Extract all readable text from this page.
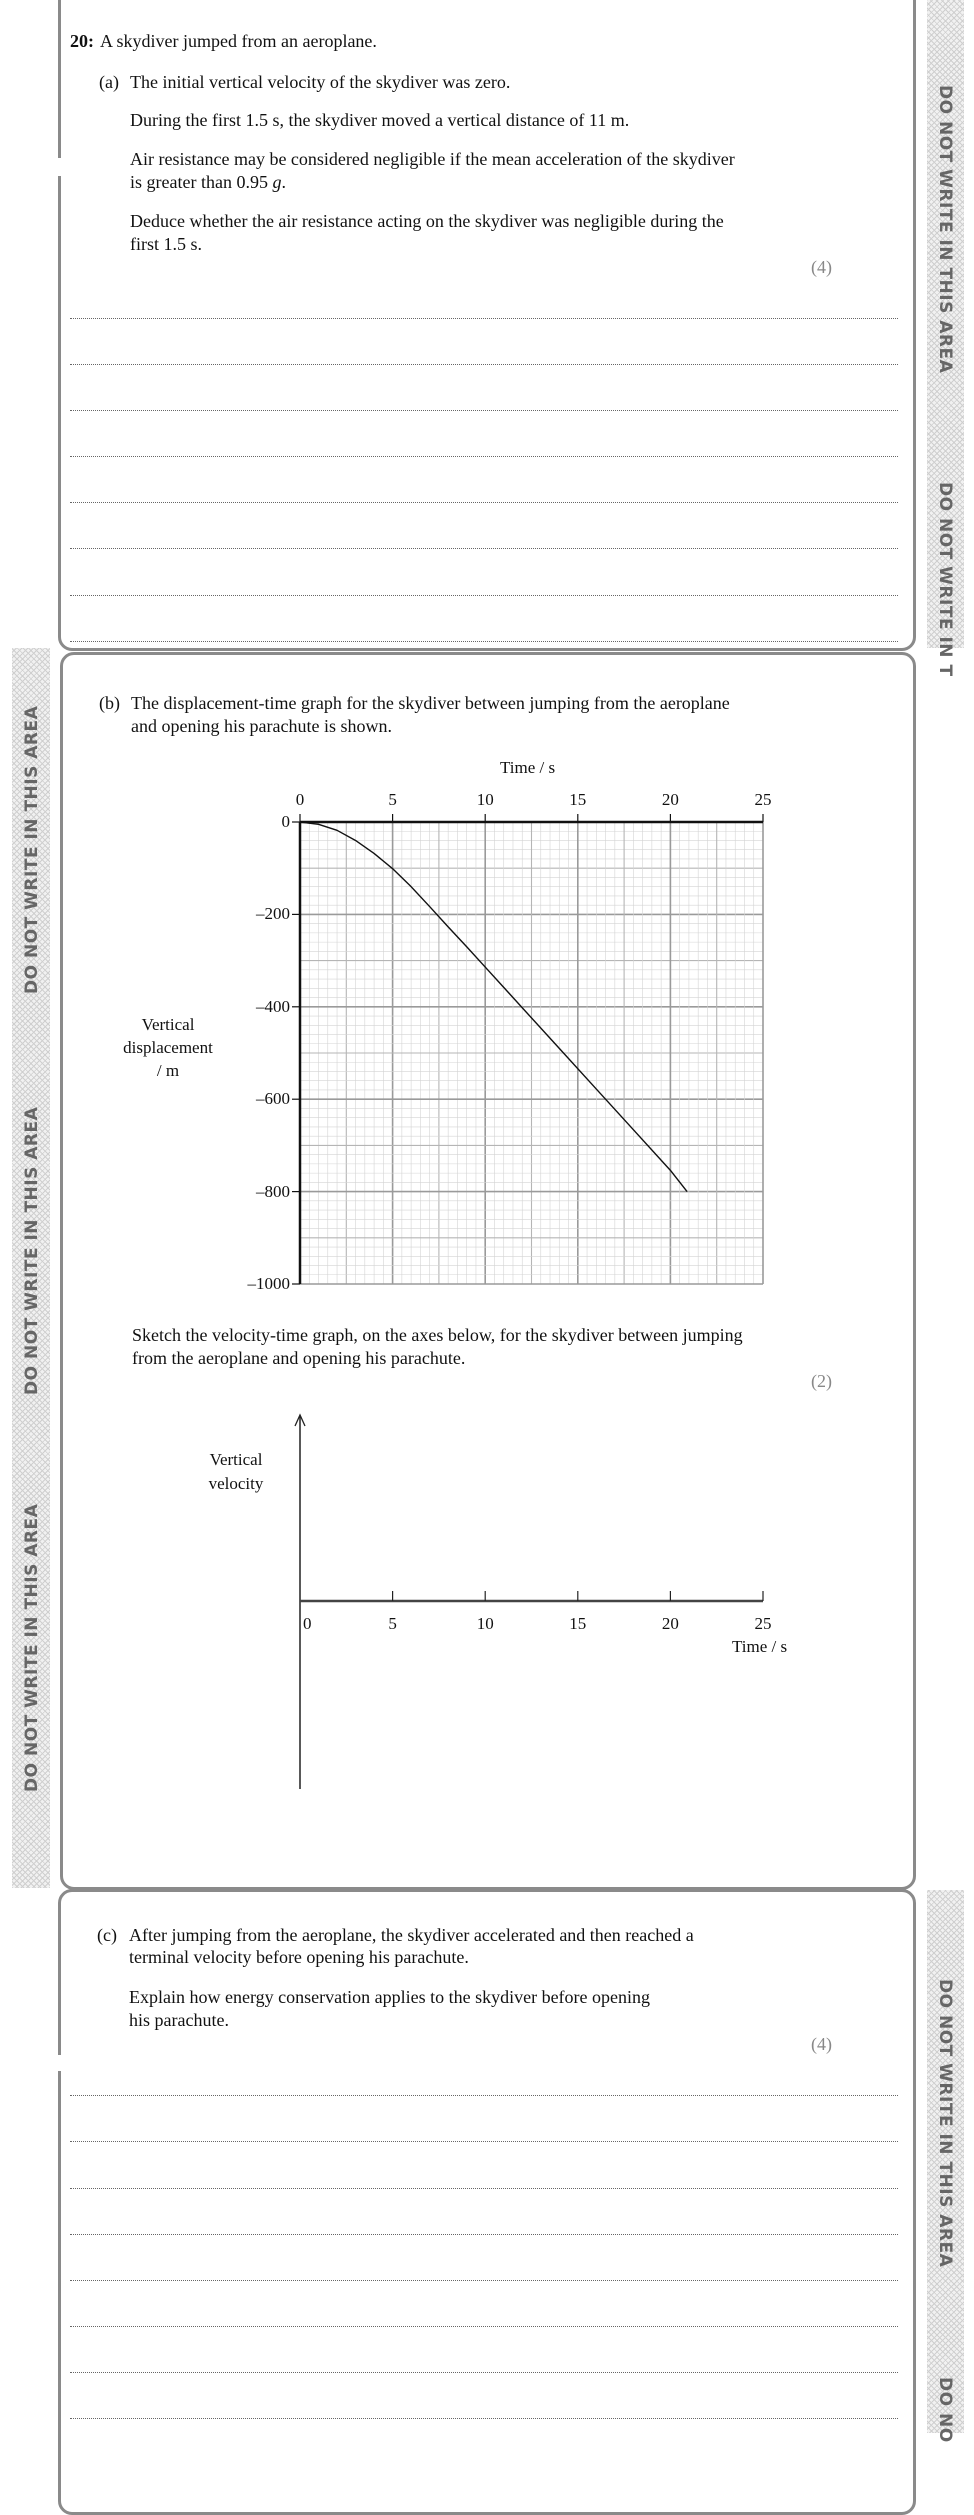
DO NOT WRITE IN THIS AREA
DO NOT WRITE IN T
20: A skydiver jumped from an aeroplane.
(a) The initial vertical velocity of the skydiver was zero.
During the first 1.5 s, the skydiver moved a vertical distance of 11 m.
Air resistance may be considered negligible if the mean acceleration of the skydiver
is greater than 0.95 g.
Deduce whether the air resistance acting on the skydiver was negligible during the
first 1.5 s.
(4)
DO NOT WRITE IN THIS AREA
DO NOT WRITE IN THIS AREA
DO NOT WRITE IN THIS AREA
(b) The displacement-time graph for the skydiver between jumping from the aeroplane
and opening his parachute is shown.
Time / s
Vertical
displacement
/ m
0	5	10	15	20	25
0
–200
–400
–600
–800
–1000
Sketch the velocity-time graph, on the axes below, for the skydiver between jumping
from the aeroplane and opening his parachute.
(2)
Vertical
velocity
0	5	10	15	20	25
Time / s
DO NOT WRITE IN THIS AREA
DO NO
(c) After jumping from the aeroplane, the skydiver accelerated and then reached a
terminal velocity before opening his parachute.
Explain how energy conservation applies to the skydiver before opening
his parachute.
(4)
